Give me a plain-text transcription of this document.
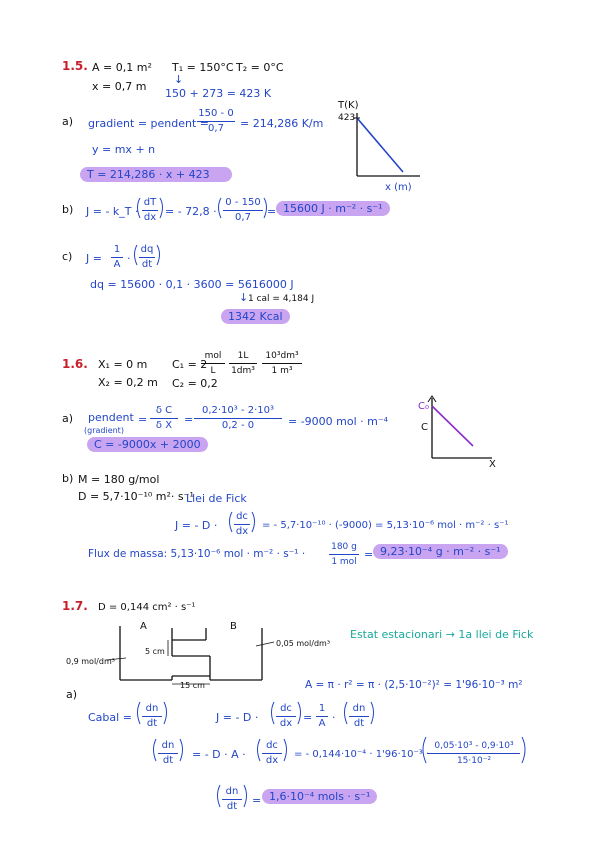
1.5. A = 0,1 m²
x = 0,7 m
T₁ = 150°C T₂ = 0°C
↓
150 + 273 = 423 K
a) gradient = pendent =
150 - 0
0,7	= 214,286 K/m
y = mx + n
T = 214,286 · x + 423
T(K)
423
x (m)
b) J = - k_T ·
dT
dx = - 72,8 ·
0 - 150
0,7	= 15600 J · m⁻² · s⁻¹
c) J =
1
A ·
dq
dt
dq = 15600 · 0,1 · 3600 = 5616000 J
↓ 1 cal = 4,184 J
1342 Kcal
1.6. X₁ = 0 m
X₂ = 0,2 m
C₁ = 2
mol
L
1L
1dm³
10³dm³
1 m³
C₂ = 0,2
a) pendent
(gradient)
=
δ C
δ X	=
0,2·10³ - 2·10³
0,2 - 0	= -9000 mol · m⁻⁴
C = -9000x + 2000
C₀
C
X
b) M = 180 g/mol
D = 5,7·10⁻¹⁰ m²· s⁻¹
Llei de Fick
J = - D ·
dc
dx
= - 5,7·10⁻¹⁰ · (-9000) = 5,13·10⁻⁶ mol · m⁻² · s⁻¹
Flux de massa: 5,13·10⁻⁶ mol · m⁻² · s⁻¹ ·
180 g
1 mol
= 9,23·10⁻⁴ g · m⁻² · s⁻¹
1.7. D = 0,144 cm² · s⁻¹
A	B
0,9 mol/dm³
0,05 mol/dm³
5 cm
15 cm
Estat estacionari → 1a llei de Fick
A = π · r² = π · (2,5·10⁻²)² = 1'96·10⁻³ m²
a)
Cabal =
dn
dt	J = - D ·
dc
dx =
1
A ·
dn
dt
dn
dt	= - D · A ·
dc
dx
= - 0,144·10⁻⁴ · 1'96·10⁻³ ·
0,05·10³ - 0,9·10³
15·10⁻²
dn
dt	= 1,6·10⁻⁴ mols · s⁻¹
